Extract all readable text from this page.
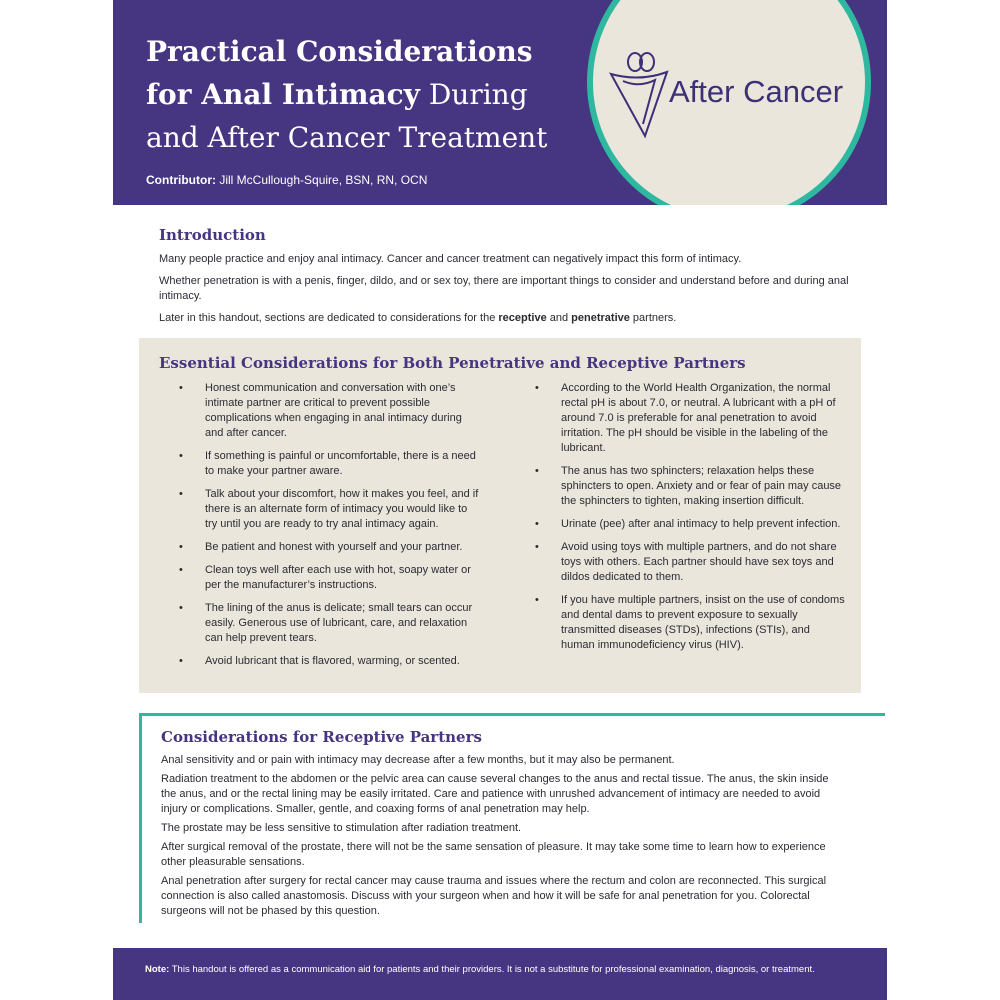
Practical Considerations
for Anal Intimacy During
and After Cancer Treatment
Contributor: Jill McCullough-Squire, BSN, RN, OCN
After Cancer
Introduction

Many people practice and enjoy anal intimacy. Cancer and cancer treatment can negatively impact this form of intimacy.

Whether penetration is with a penis, finger, dildo, and or sex toy, there are important things to consider and understand before and during anal intimacy.

Later in this handout, sections are dedicated to considerations for the receptive and penetrative partners.

Essential Considerations for Both Penetrative and Receptive Partners
• Honest communication and conversation with one’s intimate partner are critical to prevent possible complications when engaging in anal intimacy during and after cancer.
• If something is painful or uncomfortable, there is a need to make your partner aware.
• Talk about your discomfort, how it makes you feel, and if there is an alternate form of intimacy you would like to try until you are ready to try anal intimacy again.
• Be patient and honest with yourself and your partner.
• Clean toys well after each use with hot, soapy water or per the manufacturer’s instructions.
• The lining of the anus is delicate; small tears can occur easily. Generous use of lubricant, care, and relaxation can help prevent tears.
• Avoid lubricant that is flavored, warming, or scented.
• According to the World Health Organization, the normal rectal pH is about 7.0, or neutral. A lubricant with a pH of around 7.0 is preferable for anal penetration to avoid irritation. The pH should be visible in the labeling of the lubricant.
• The anus has two sphincters; relaxation helps these sphincters to open. Anxiety and or fear of pain may cause the sphincters to tighten, making insertion difficult.
• Urinate (pee) after anal intimacy to help prevent infection.
• Avoid using toys with multiple partners, and do not share toys with others. Each partner should have sex toys and dildos dedicated to them.
• If you have multiple partners, insist on the use of condoms and dental dams to prevent exposure to sexually transmitted diseases (STDs), infections (STIs), and human immunodeficiency virus (HIV).
Considerations for Receptive Partners

Anal sensitivity and or pain with intimacy may decrease after a few months, but it may also be permanent.

Radiation treatment to the abdomen or the pelvic area can cause several changes to the anus and rectal tissue. The anus, the skin inside the anus, and or the rectal lining may be easily irritated. Care and patience with unrushed advancement of intimacy are needed to avoid injury or complications. Smaller, gentle, and coaxing forms of anal penetration may help.

The prostate may be less sensitive to stimulation after radiation treatment.

After surgical removal of the prostate, there will not be the same sensation of pleasure. It may take some time to learn how to experience other pleasurable sensations.

Anal penetration after surgery for rectal cancer may cause trauma and issues where the rectum and colon are reconnected. This surgical connection is also called anastomosis. Discuss with your surgeon when and how it will be safe for anal penetration for you. Colorectal surgeons will not be phased by this question.

Note: This handout is offered as a communication aid for patients and their providers. It is not a substitute for professional examination, diagnosis, or treatment.
